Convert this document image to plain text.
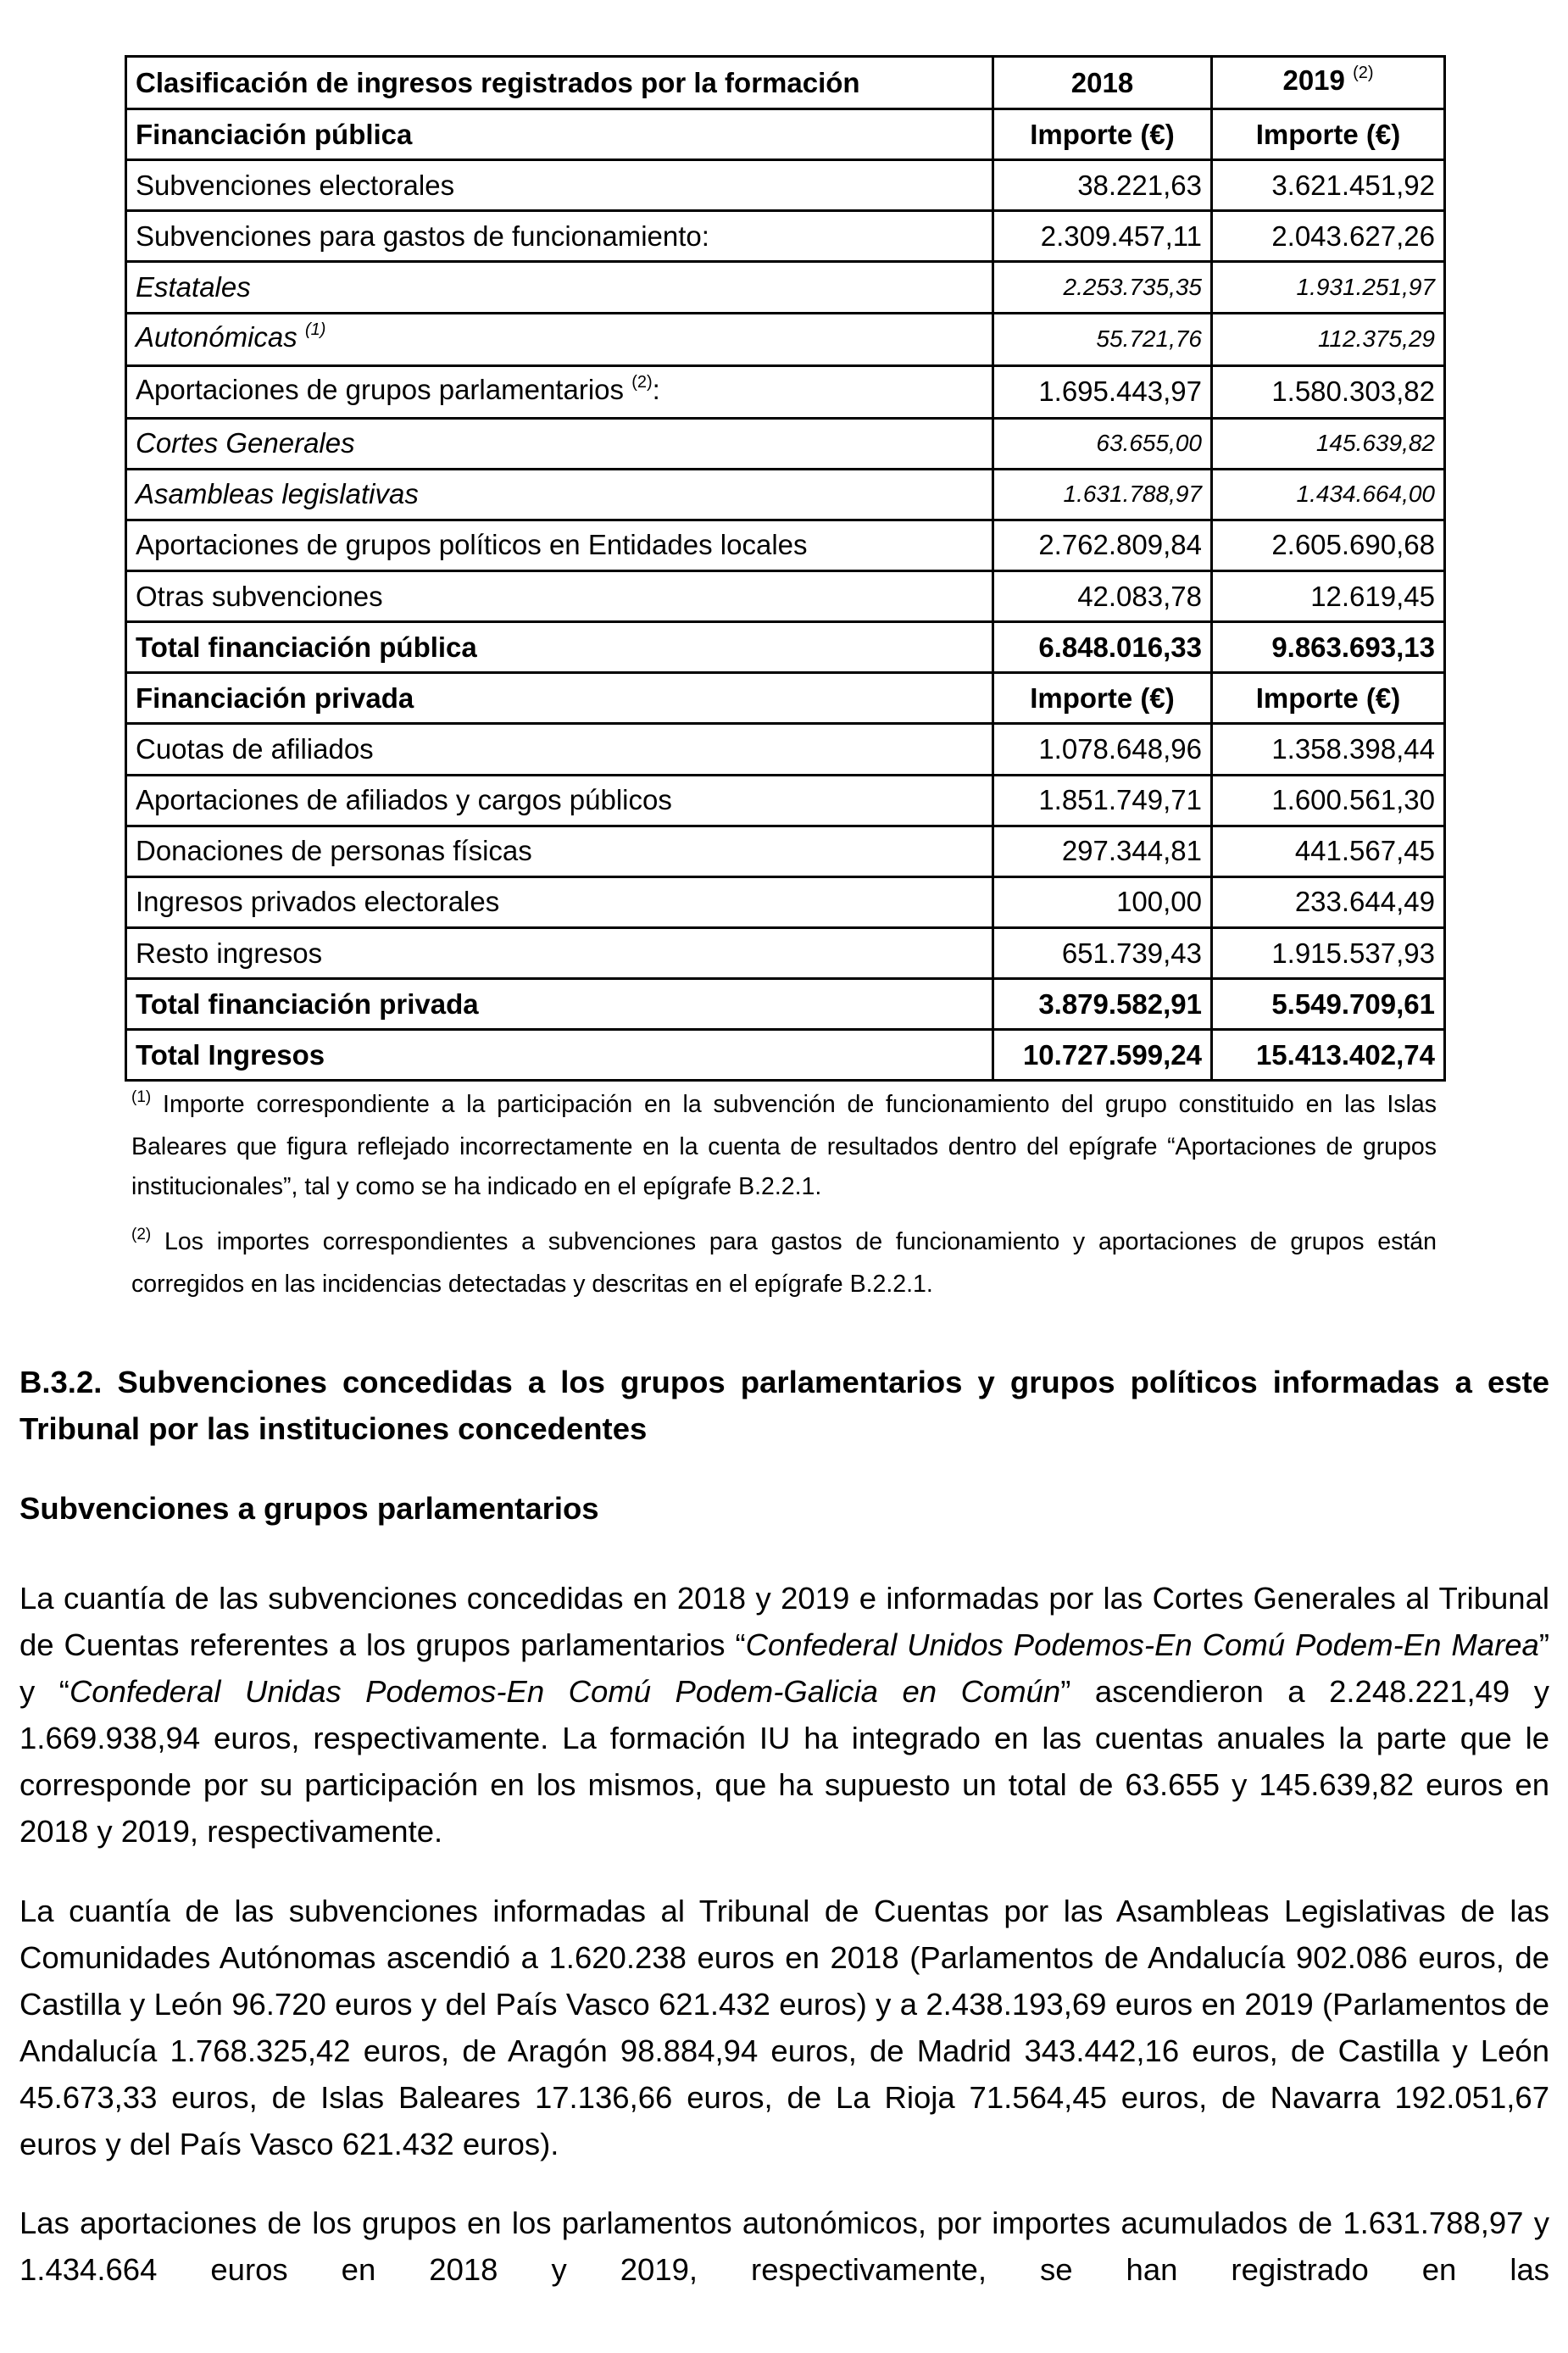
Clasificación de ingresos registrados por la formación	2018	2019 $^{(2)}$
Financiación pública	Importe (€)	Importe (€)
Subvenciones electorales	38.221,63	3.621.451,92
Subvenciones para gastos de funcionamiento:	2.309.457,11	2.043.627,26
Estatales	2.253.735,35	1.931.251,97
Autonómicas $^{(1)}$	55.721,76	112.375,29
Aportaciones de grupos parlamentarios $^{(2)}$:	1.695.443,97	1.580.303,82
Cortes Generales	63.655,00	145.639,82
Asambleas legislativas	1.631.788,97	1.434.664,00
Aportaciones de grupos políticos en Entidades locales	2.762.809,84	2.605.690,68
Otras subvenciones	42.083,78	12.619,45
Total financiación pública	6.848.016,33	9.863.693,13
Financiación privada	Importe (€)	Importe (€)
Cuotas de afiliados	1.078.648,96	1.358.398,44
Aportaciones de afiliados y cargos públicos	1.851.749,71	1.600.561,30
Donaciones de personas físicas	297.344,81	441.567,45
Ingresos privados electorales	100,00	233.644,49
Resto ingresos	651.739,43	1.915.537,93
Total financiación privada	3.879.582,91	5.549.709,61
Total Ingresos	10.727.599,24	15.413.402,74

$^{(1)}$ Importe correspondiente a la participación en la subvención de funcionamiento del grupo constituido en las Islas Baleares que figura reflejado incorrectamente en la cuenta de resultados dentro del epígrafe “Aportaciones de grupos institucionales”, tal y como se ha indicado en el epígrafe B.2.2.1.

$^{(2)}$ Los importes correspondientes a subvenciones para gastos de funcionamiento y aportaciones de grupos están corregidos en las incidencias detectadas y descritas en el epígrafe B.2.2.1.

B.3.2. Subvenciones concedidas a los grupos parlamentarios y grupos políticos informadas a este Tribunal por las instituciones concedentes

Subvenciones a grupos parlamentarios

La cuantía de las subvenciones concedidas en 2018 y 2019 e informadas por las Cortes Generales al Tribunal de Cuentas referentes a los grupos parlamentarios “Confederal Unidos Podemos-En Comú Podem-En Marea” y “Confederal Unidas Podemos-En Comú Podem-Galicia en Común” ascendieron a 2.248.221,49 y 1.669.938,94 euros, respectivamente. La formación IU ha integrado en las cuentas anuales la parte que le corresponde por su participación en los mismos, que ha supuesto un total de 63.655 y 145.639,82 euros en 2018 y 2019, respectivamente.

La cuantía de las subvenciones informadas al Tribunal de Cuentas por las Asambleas Legislativas de las Comunidades Autónomas ascendió a 1.620.238 euros en 2018 (Parlamentos de Andalucía 902.086 euros, de Castilla y León 96.720 euros y del País Vasco 621.432 euros) y a 2.438.193,69 euros en 2019 (Parlamentos de Andalucía 1.768.325,42 euros, de Aragón 98.884,94 euros, de Madrid 343.442,16 euros, de Castilla y León 45.673,33 euros, de Islas Baleares 17.136,66 euros, de La Rioja 71.564,45 euros, de Navarra 192.051,67 euros y del País Vasco 621.432 euros).

Las aportaciones de los grupos en los parlamentos autonómicos, por importes acumulados de 1.631.788,97 y 1.434.664 euros en 2018 y 2019, respectivamente, se han registrado en las
